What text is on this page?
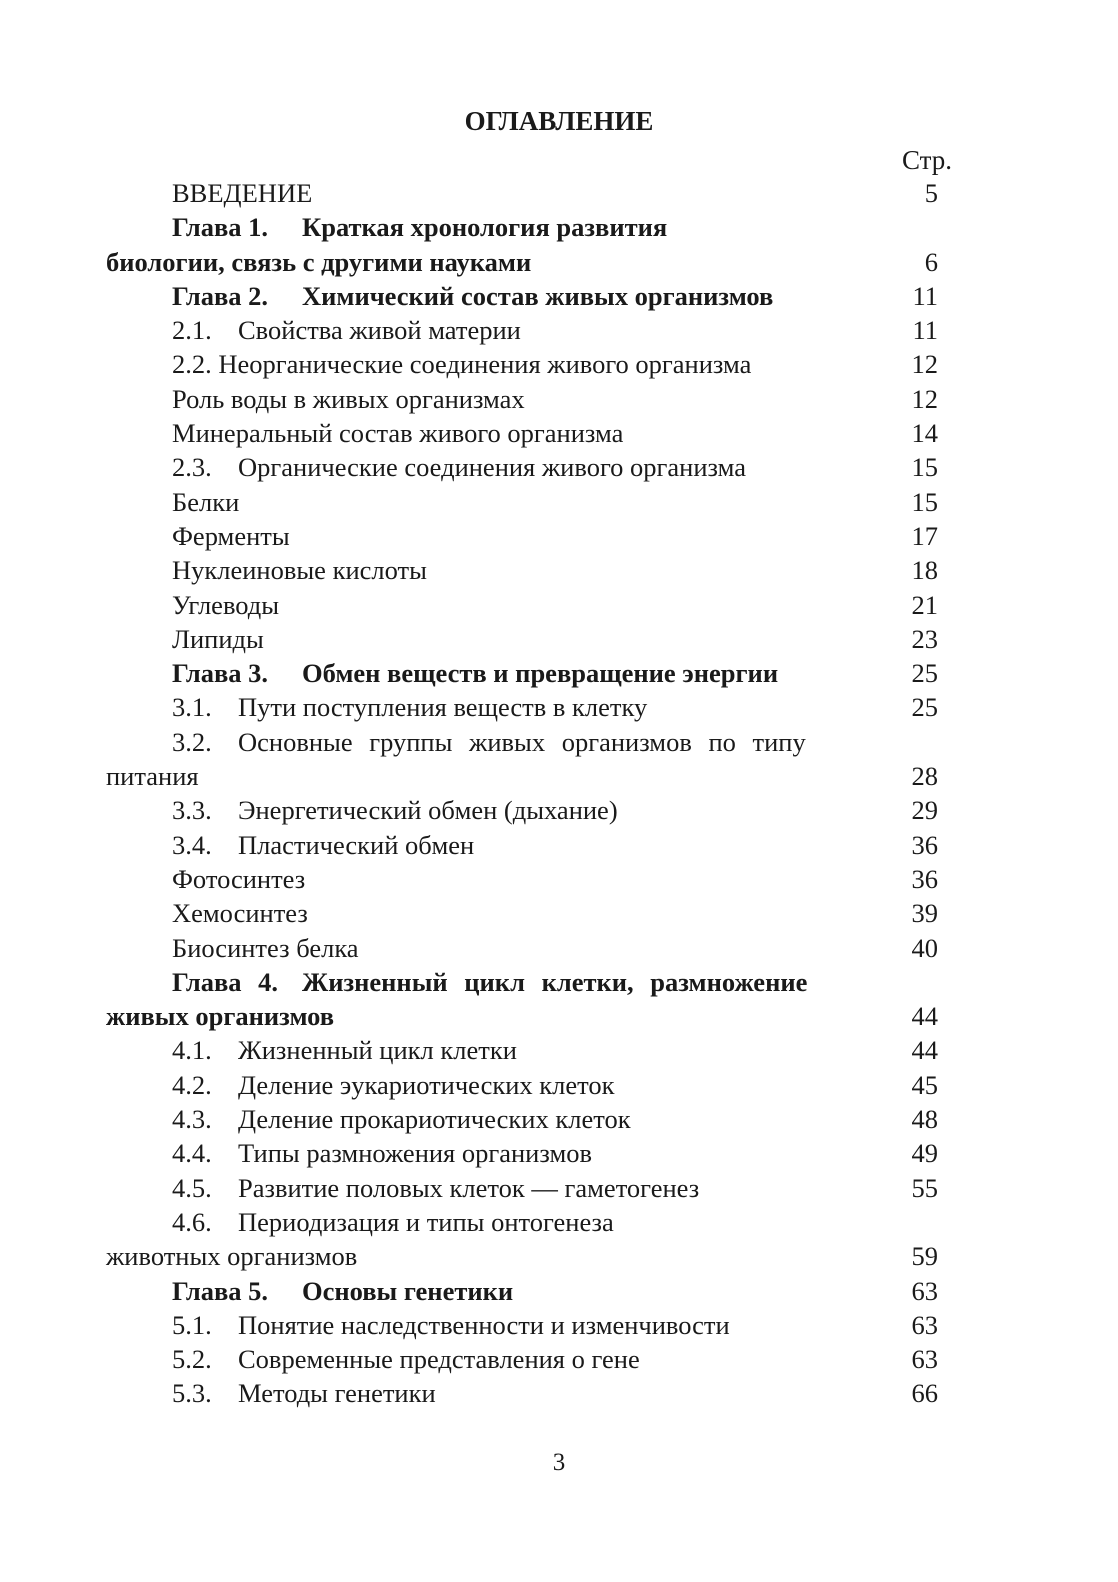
ОГЛАВЛЕНИЕ
Стр.
ВВЕДЕНИЕ	5
Глава 1. Краткая хронология развития
биологии, связь с другими науками	6
Глава 2. Химический состав живых организмов	11
2.1. Свойства живой материи	11
2.2. Неорганические соединения живого организма	12
Роль воды в живых организмах	12
Минеральный состав живого организма	14
2.3. Органические соединения живого организма	15
Белки	15
Ферменты	17
Нуклеиновые кислоты	18
Углеводы	21
Липиды	23
Глава 3. Обмен веществ и превращение энергии	25
3.1. Пути поступления веществ в клетку	25
3.2. Основные группы живых организмов по типу
питания	28
3.3. Энергетический обмен (дыхание)	29
3.4. Пластический обмен	36
Фотосинтез	36
Хемосинтез	39
Биосинтез белка	40
Глава 4. Жизненный цикл клетки, размножение
живых организмов	44
4.1. Жизненный цикл клетки	44
4.2. Деление эукариотических клеток	45
4.3. Деление прокариотических клеток	48
4.4. Типы размножения организмов	49
4.5. Развитие половых клеток — гаметогенез	55
4.6. Периодизация и типы онтогенеза
животных организмов	59
Глава 5. Основы генетики	63
5.1. Понятие наследственности и изменчивости	63
5.2. Современные представления о гене	63
5.3. Методы генетики	66
3
